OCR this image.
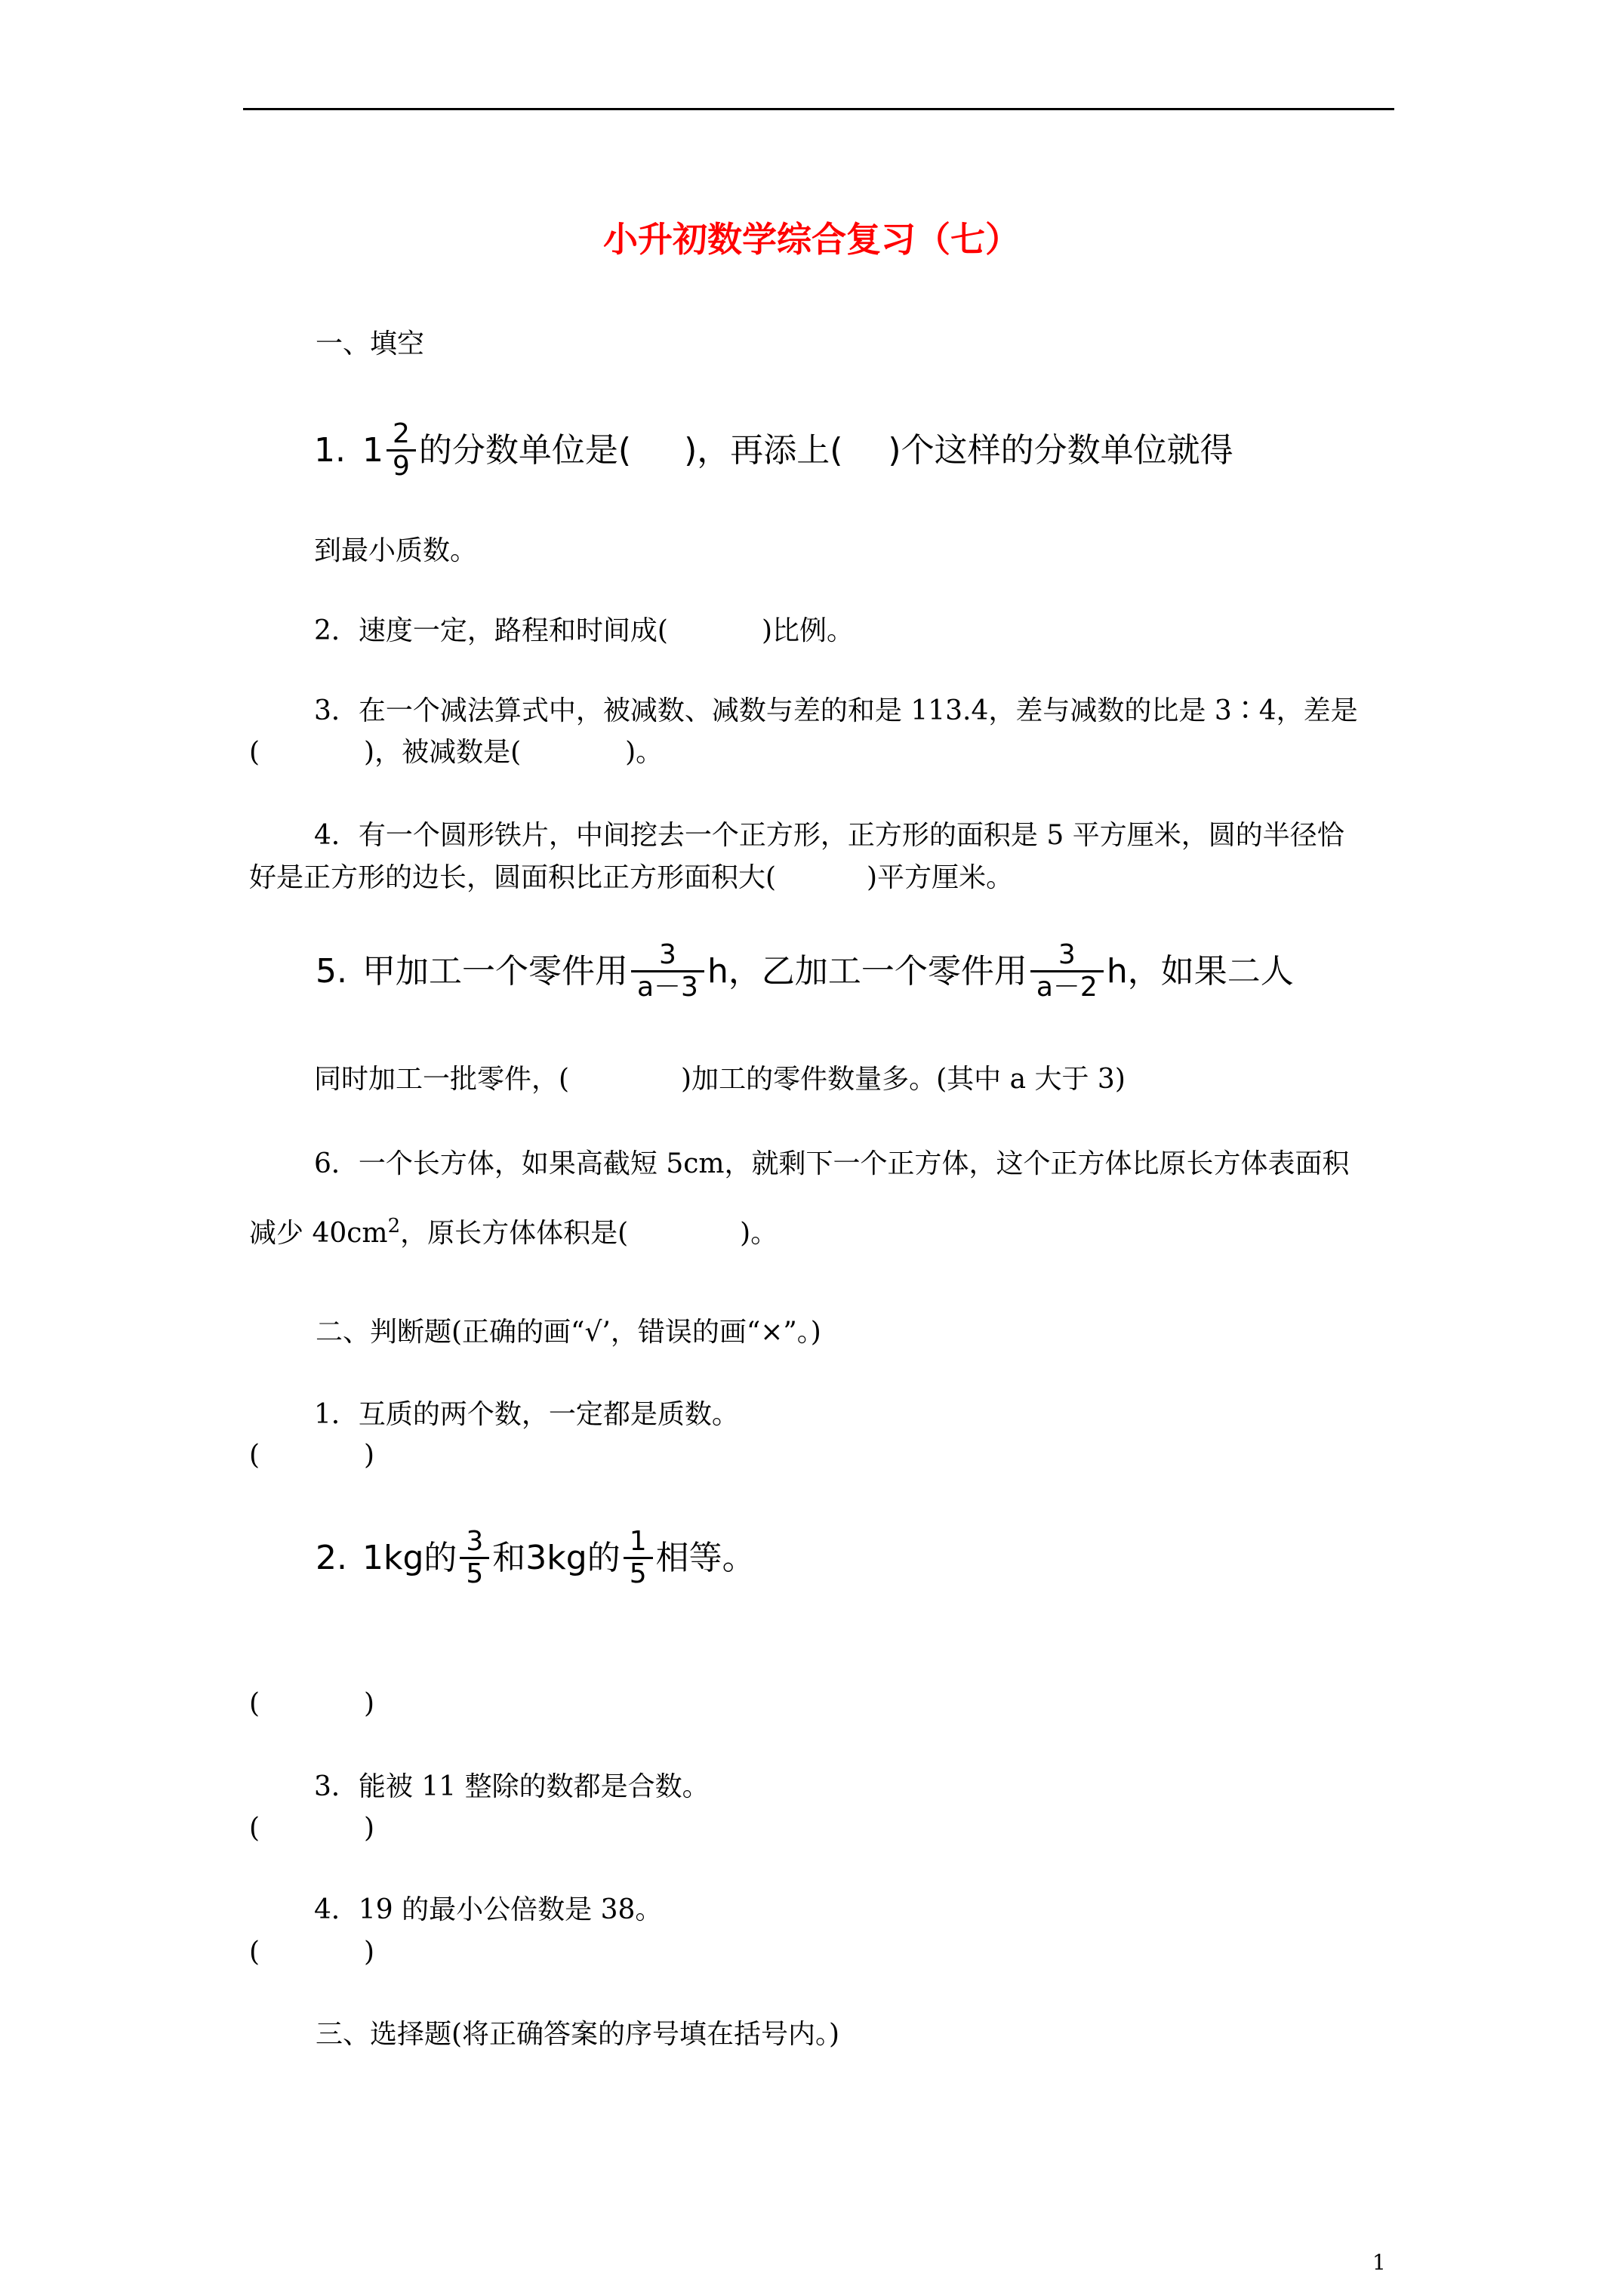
小升初数学综合复习（七）
一、填空
1. $1 \frac{2}{9}$ 的分数单位是( )，再添上( )个这样的分数单位就得
到最小质数。
2．速度一定，路程和时间成(	)比例。
3．在一个减法算式中，被减数、减数与差的和是 113.4，差与减数的比是 3∶4，差是
(	)，被减数是(	)。
4．有一个圆形铁片，中间挖去一个正方形，正方形的面积是 5 平方厘米，圆的半径恰
好是正方形的边长，圆面积比正方形面积大(	)平方厘米。
5. 甲加工一个零件用 $\frac{3}{a-3}$ h，乙加工一个零件用 $\frac{3}{a-2}$ h，如果二人
同时加工一批零件，(	)加工的零件数量多。(其中 a 大于 3)
6．一个长方体，如果高截短 5cm，就剩下一个正方体，这个正方体比原长方体表面积
减少 $40cm^2$，原长方体体积是(	)。
二、判断题(正确的画“√’，错误的画“×”。)
1．互质的两个数，一定都是质数。
(	)
2. 1kg的 $\frac{3}{5}$ 和3kg的 $\frac{1}{5}$ 相等。
(	)
3．能被 11 整除的数都是合数。
(	)
4．19 的最小公倍数是 38。
(	)
三、选择题(将正确答案的序号填在括号内。)
1
